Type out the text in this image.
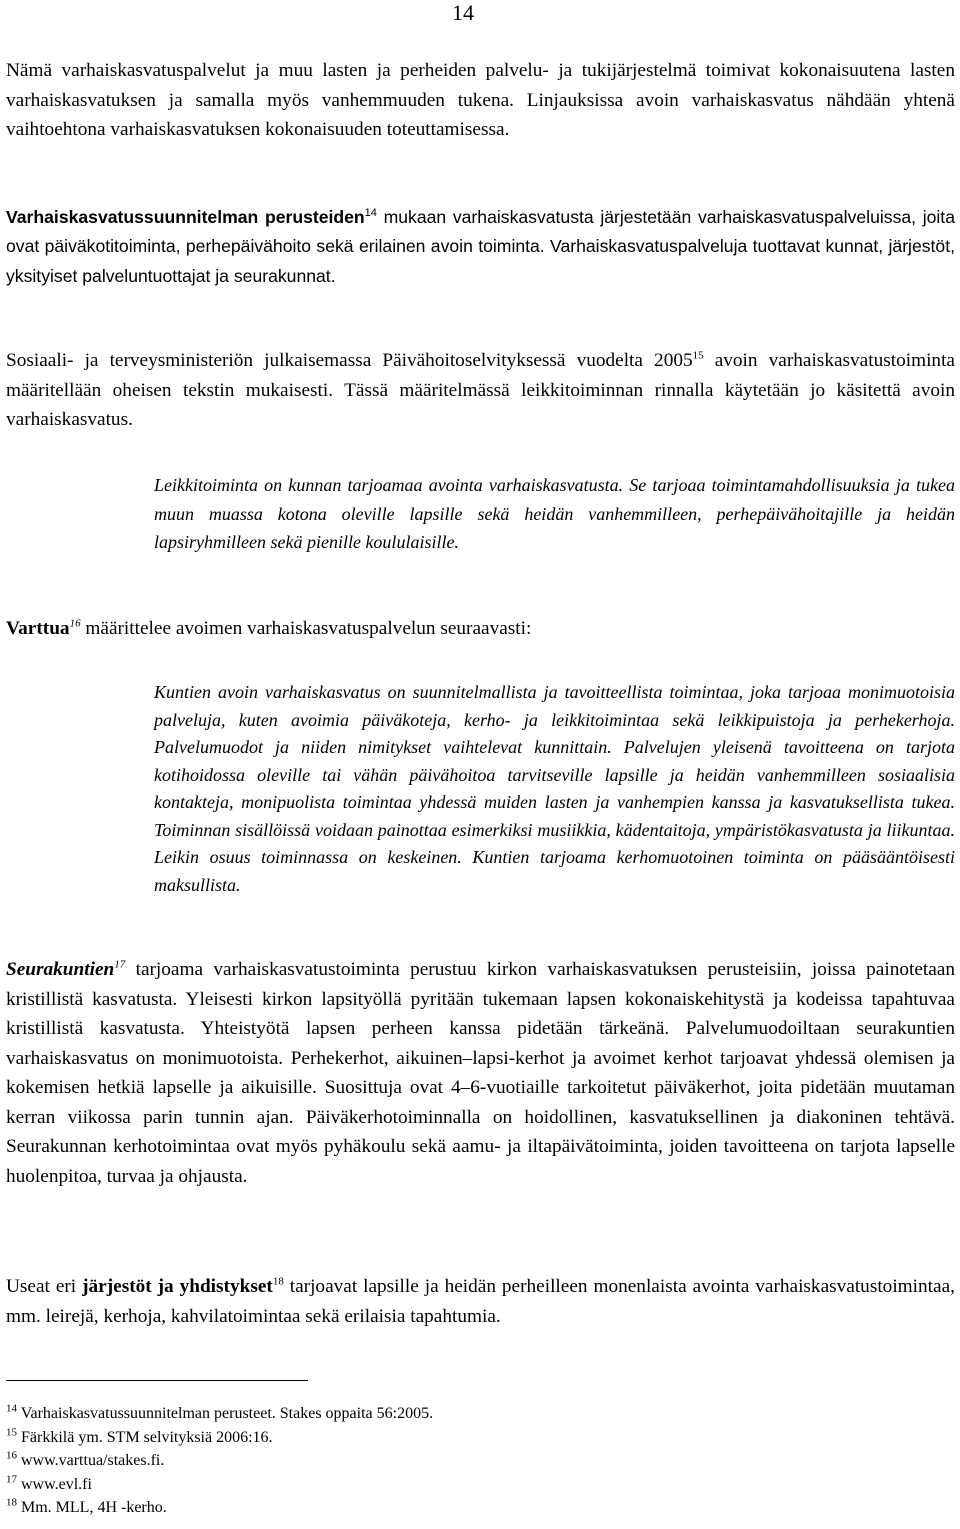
14

Nämä varhaiskasvatuspalvelut ja muu lasten ja perheiden palvelu- ja tukijärjestelmä toimivat kokonaisuutena lasten varhaiskasvatuksen ja samalla myös vanhemmuuden tukena. Linjauksissa avoin varhaiskasvatus nähdään yhtenä vaihtoehtona varhaiskasvatuksen kokonaisuuden toteuttamisessa.

Varhaiskasvatussuunnitelman perusteiden$^{14}$ mukaan varhaiskasvatusta järjestetään varhaiskasvatuspalveluissa, joita ovat päiväkotitoiminta, perhepäivähoito sekä erilainen avoin toiminta. Varhaiskasvatuspalveluja tuottavat kunnat, järjestöt, yksityiset palveluntuottajat ja seurakunnat.

Sosiaali- ja terveysministeriön julkaisemassa Päivähoitoselvityksessä vuodelta 2005$^{15}$ avoin varhaiskasvatustoiminta määritellään oheisen tekstin mukaisesti. Tässä määritelmässä leikkitoiminnan rinnalla käytetään jo käsitettä avoin varhaiskasvatus.

Leikkitoiminta on kunnan tarjoamaa avointa varhaiskasvatusta. Se tarjoaa toimintamahdollisuuksia ja tukea muun muassa kotona oleville lapsille sekä heidän vanhemmilleen, perhepäivähoitajille ja heidän lapsiryhmilleen sekä pienille koululaisille.

Varttua$^{16}$ määrittelee avoimen varhaiskasvatuspalvelun seuraavasti:

Kuntien avoin varhaiskasvatus on suunnitelmallista ja tavoitteellista toimintaa, joka tarjoaa monimuotoisia palveluja, kuten avoimia päiväkoteja, kerho- ja leikkitoimintaa sekä leikkipuistoja ja perhekerhoja. Palvelumuodot ja niiden nimitykset vaihtelevat kunnittain. Palvelujen yleisenä tavoitteena on tarjota kotihoidossa oleville tai vähän päivähoitoa tarvitseville lapsille ja heidän vanhemmilleen sosiaalisia kontakteja, monipuolista toimintaa yhdessä muiden lasten ja vanhempien kanssa ja kasvatuksellista tukea. Toiminnan sisällöissä voidaan painottaa esimerkiksi musiikkia, kädentaitoja, ympäristökasvatusta ja liikuntaa. Leikin osuus toiminnassa on keskeinen. Kuntien tarjoama kerhomuotoinen toiminta on pääsääntöisesti maksullista.

Seurakuntien$^{17}$ tarjoama varhaiskasvatustoiminta perustuu kirkon varhaiskasvatuksen perusteisiin, joissa painotetaan kristillistä kasvatusta. Yleisesti kirkon lapsityöllä pyritään tukemaan lapsen kokonaiskehitystä ja kodeissa tapahtuvaa kristillistä kasvatusta. Yhteistyötä lapsen perheen kanssa pidetään tärkeänä. Palvelumuodoiltaan seurakuntien varhaiskasvatus on monimuotoista. Perhekerhot, aikuinen–lapsi-kerhot ja avoimet kerhot tarjoavat yhdessä olemisen ja kokemisen hetkiä lapselle ja aikuisille. Suosittuja ovat 4–6-vuotiaille tarkoitetut päiväkerhot, joita pidetään muutaman kerran viikossa parin tunnin ajan. Päiväkerhotoiminnalla on hoidollinen, kasvatuksellinen ja diakoninen tehtävä. Seurakunnan kerhotoimintaa ovat myös pyhäkoulu sekä aamu- ja iltapäivätoiminta, joiden tavoitteena on tarjota lapselle huolenpitoa, turvaa ja ohjausta.

Useat eri järjestöt ja yhdistykset$^{18}$ tarjoavat lapsille ja heidän perheilleen monenlaista avointa varhaiskasvatustoimintaa, mm. leirejä, kerhoja, kahvilatoimintaa sekä erilaisia tapahtumia.

$^{14}$ Varhaiskasvatussuunnitelman perusteet. Stakes oppaita 56:2005.

$^{15}$ Färkkilä ym. STM selvityksiä 2006:16.

$^{16}$ www.varttua/stakes.fi.

$^{17}$ www.evl.fi

$^{18}$ Mm. MLL, 4H -kerho.
